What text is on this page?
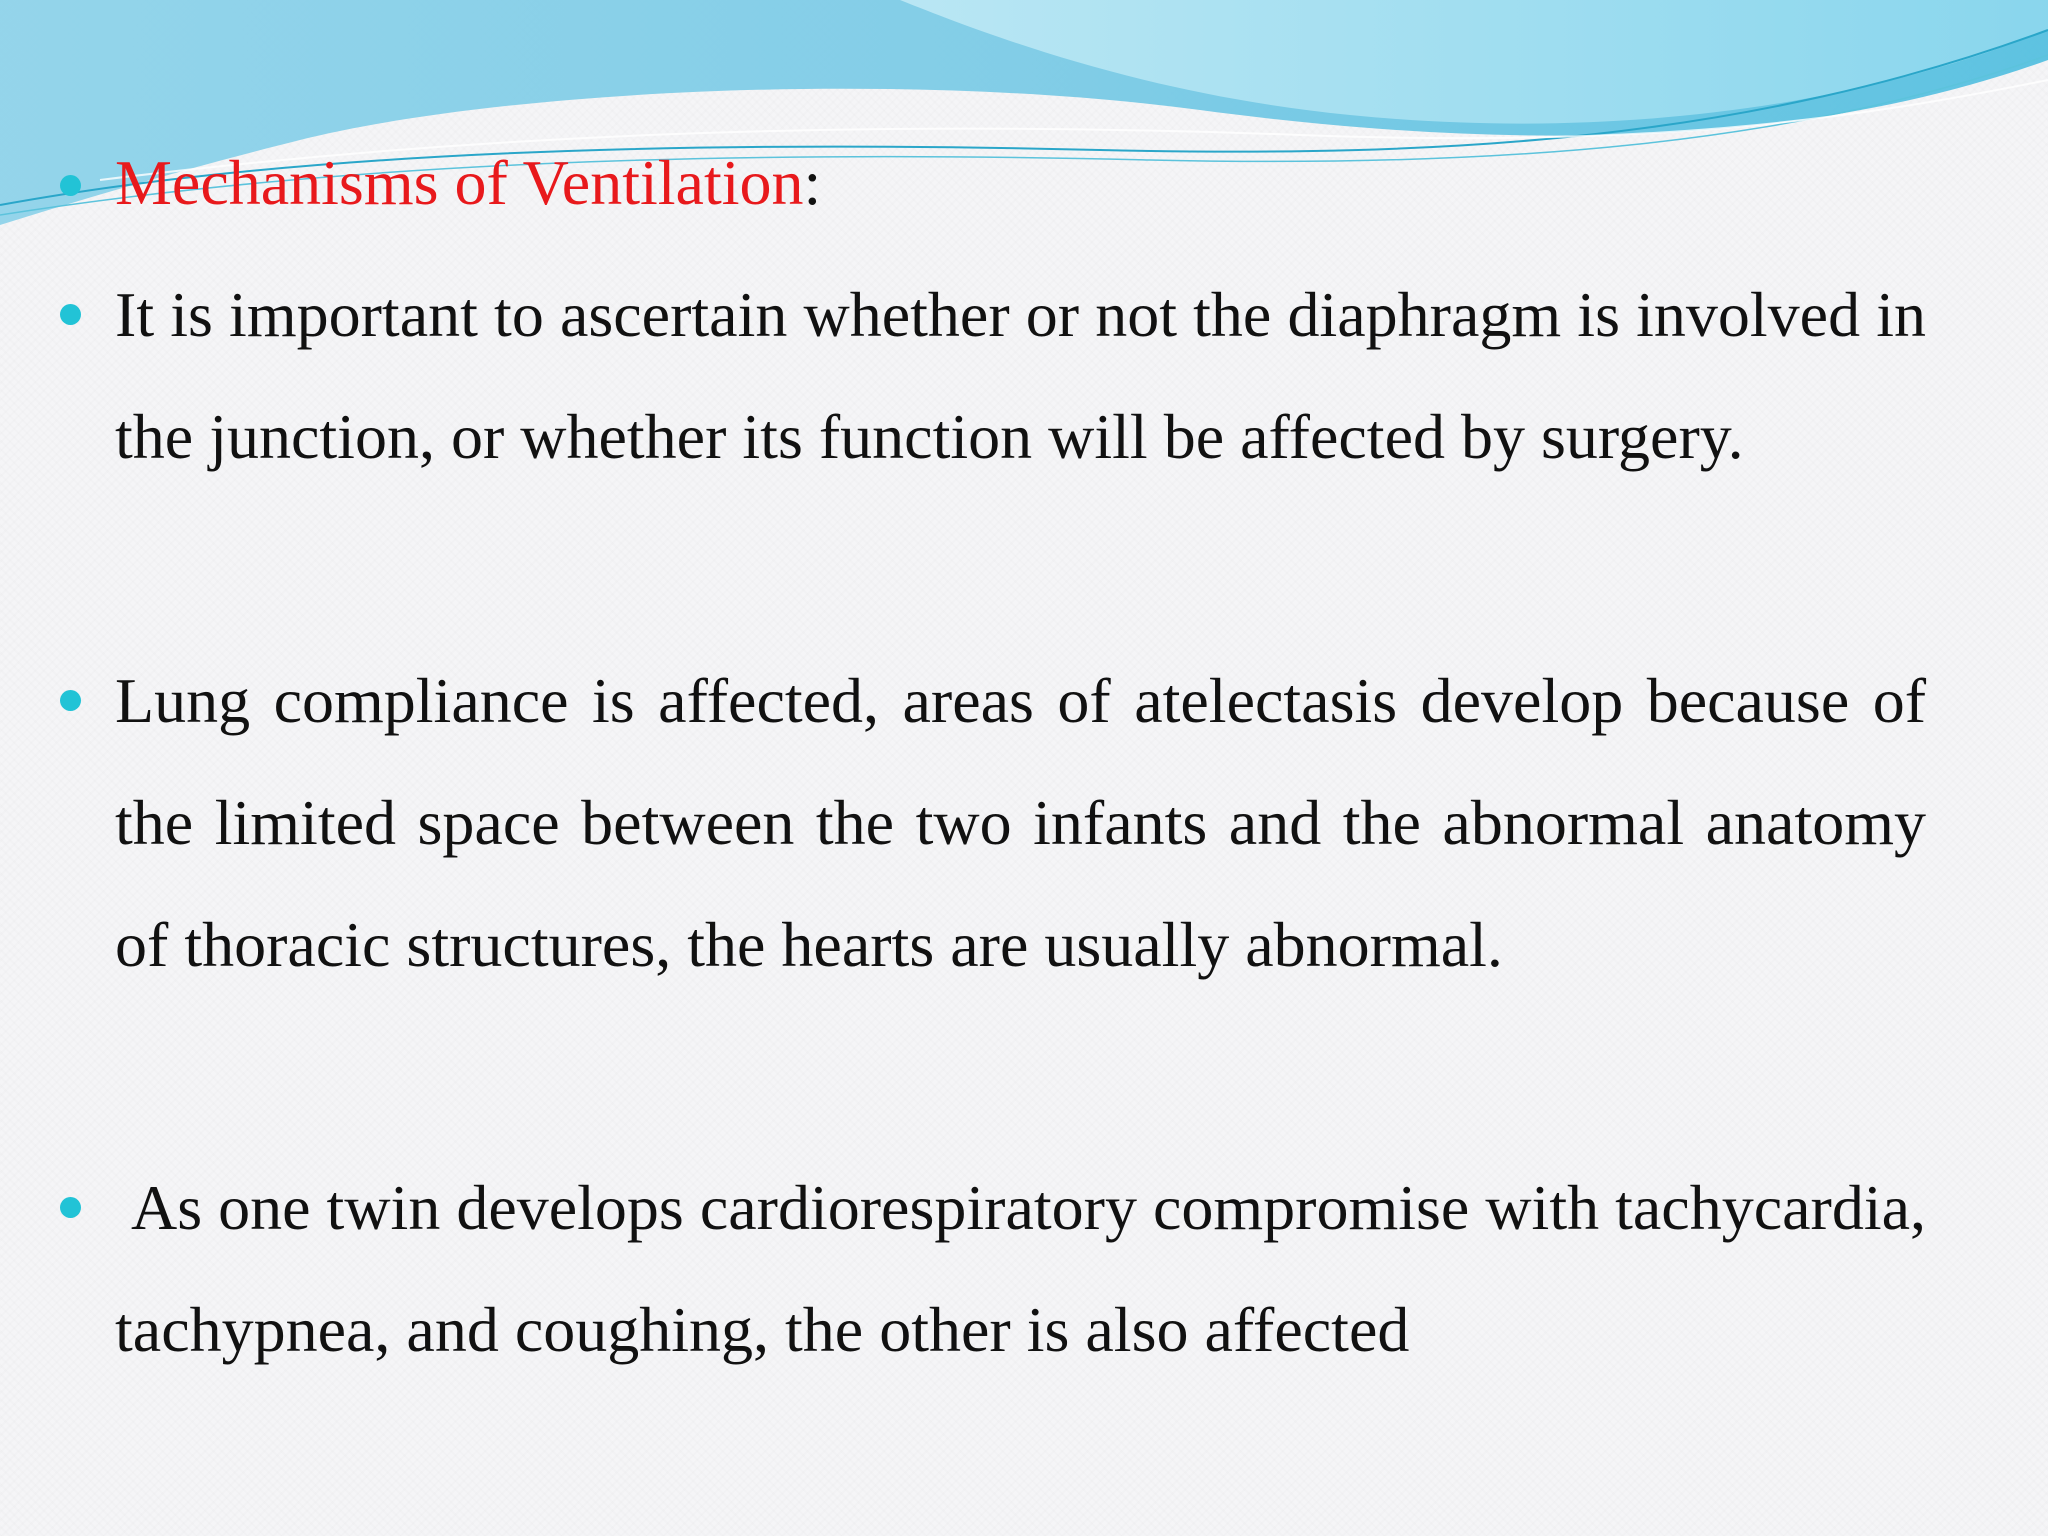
Mechanisms of Ventilation:
It is important to ascertain whether or not the diaphragm is involved in the junction, or whether its function will be affected by surgery.
Lung compliance is affected, areas of atelectasis develop because of the limited space between the two infants and the abnormal anatomy of thoracic structures, the hearts are usually abnormal.
As one twin develops cardiorespiratory compromise with tachycardia, tachypnea, and coughing, the other is also affected
